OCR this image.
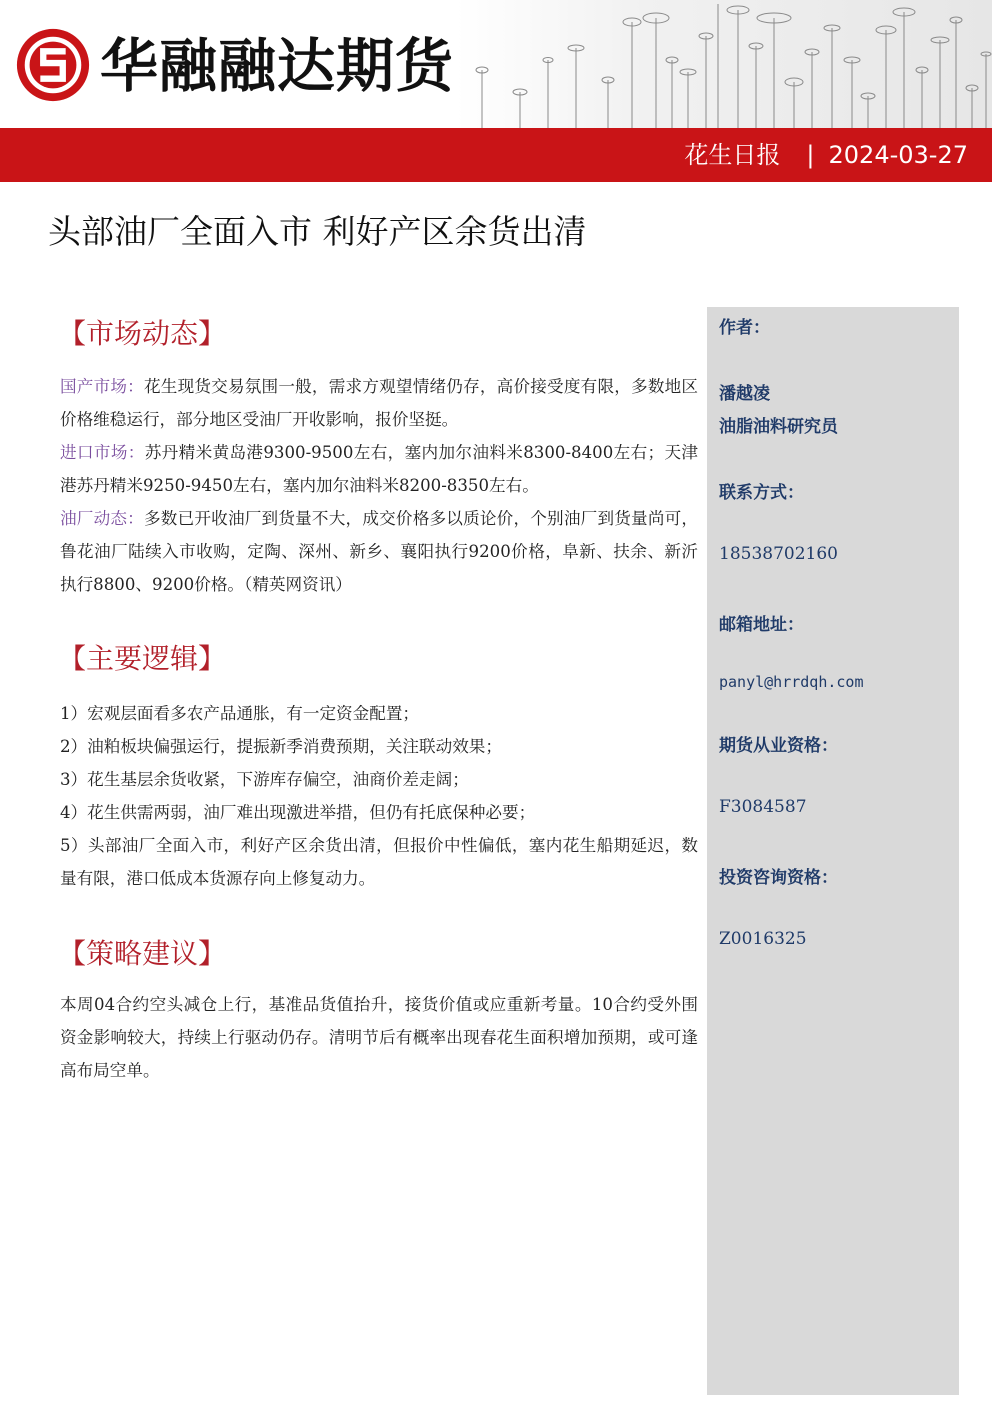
华融融达期货
花生日报 | 2024-03-27
头部油厂全面入市 利好产区余货出清
【市场动态】

国产市场：花生现货交易氛围一般，需求方观望情绪仍存，高价接受度有限，多数地区价格维稳运行，部分地区受油厂开收影响，报价坚挺。

进口市场：苏丹精米黄岛港9300-9500左右，塞内加尔油料米8300-8400左右；天津港苏丹精米9250-9450左右，塞内加尔油料米8200-8350左右。

油厂动态：多数已开收油厂到货量不大，成交价格多以质论价，个别油厂到货量尚可，鲁花油厂陆续入市收购，定陶、深州、新乡、襄阳执行9200价格，阜新、扶余、新沂执行8800、9200价格。（精英网资讯）

【主要逻辑】

1）宏观层面看多农产品通胀，有一定资金配置；

2）油粕板块偏强运行，提振新季消费预期，关注联动效果；

3）花生基层余货收紧，下游库存偏空，油商价差走阔；

4）花生供需两弱，油厂难出现激进举措，但仍有托底保种必要；

5）头部油厂全面入市，利好产区余货出清，但报价中性偏低，塞内花生船期延迟，数量有限，港口低成本货源存向上修复动力。

【策略建议】

本周04合约空头减仓上行，基准品货值抬升，接货价值或应重新考量。10合约受外围资金影响较大，持续上行驱动仍存。清明节后有概率出现春花生面积增加预期，或可逢高布局空单。

作者：
潘越凌
油脂油料研究员
联系方式：
18538702160
邮箱地址：
panyl@hrrdqh.com
期货从业资格：
F3084587
投资咨询资格：
Z0016325
